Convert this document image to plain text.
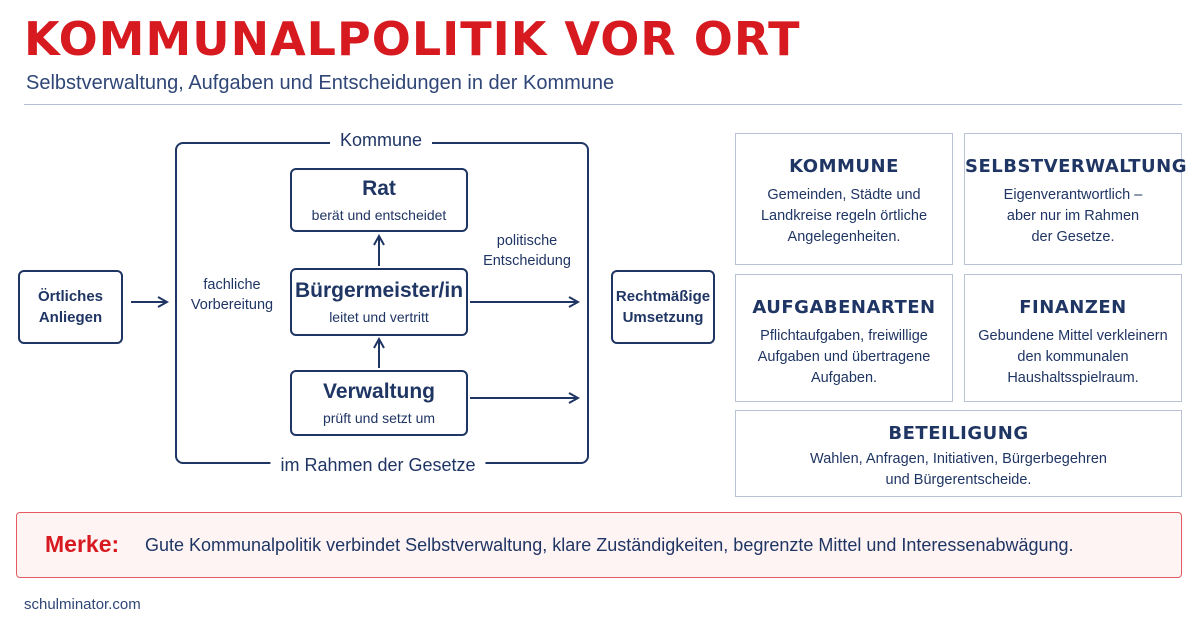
KOMMUNALPOLITIK VOR ORT
Selbstverwaltung, Aufgaben und Entscheidungen in der Kommune
Kommune
im Rahmen der Gesetze
Örtliches
Anliegen
Rechtmäßige
Umsetzung
fachliche
Vorbereitung
politische
Entscheidung
Rat
berät und entscheidet
Bürgermeister/in
leitet und vertritt
Verwaltung
prüft und setzt um
KOMMUNE
Gemeinden, Städte und
Landkreise regeln örtliche
Angelegenheiten.
SELBSTVERWALTUNG
Eigenverantwortlich –
aber nur im Rahmen
der Gesetze.
AUFGABENARTEN
Pflichtaufgaben, freiwillige
Aufgaben und übertragene
Aufgaben.
FINANZEN
Gebundene Mittel verkleinern
den kommunalen
Haushaltsspielraum.
BETEILIGUNG
Wahlen, Anfragen, Initiativen, Bürgerbegehren
und Bürgerentscheide.
Merke: Gute Kommunalpolitik verbindet Selbstverwaltung, klare Zuständigkeiten, begrenzte Mittel und Interessenabwägung.
schulminator.com
